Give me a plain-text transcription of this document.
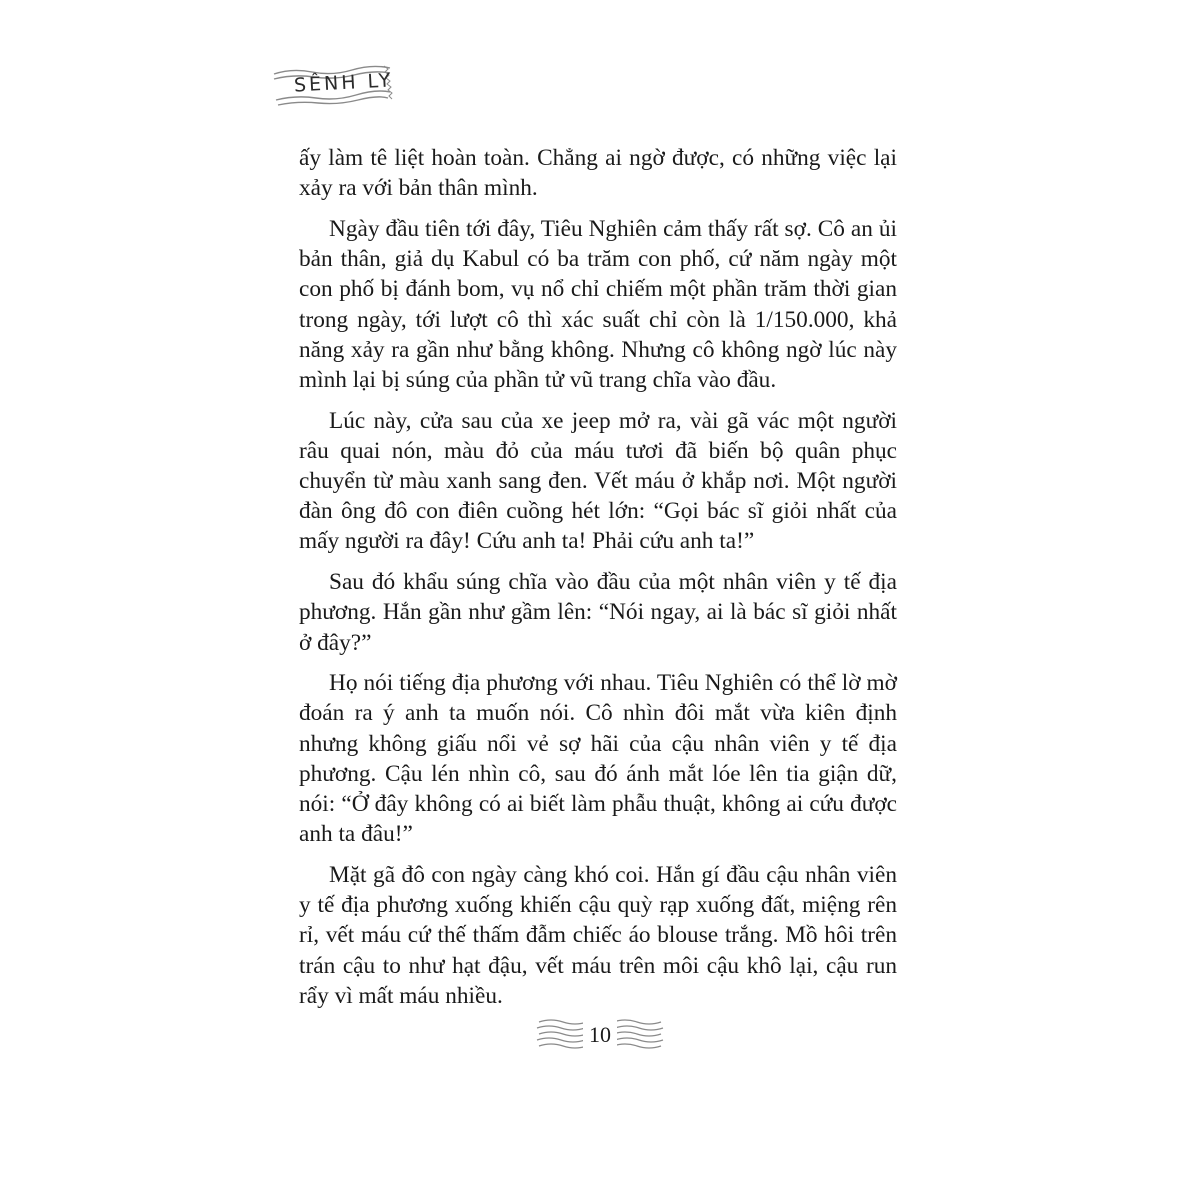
SÊNH LY

ấy làm tê liệt hoàn toàn. Chẳng ai ngờ được, có những việc lại xảy ra với bản thân mình.

Ngày đầu tiên tới đây, Tiêu Nghiên cảm thấy rất sợ. Cô an ủi bản thân, giả dụ Kabul có ba trăm con phố, cứ năm ngày một con phố bị đánh bom, vụ nổ chỉ chiếm một phần trăm thời gian trong ngày, tới lượt cô thì xác suất chỉ còn là 1/150.000, khả năng xảy ra gần như bằng không. Nhưng cô không ngờ lúc này mình lại bị súng của phần tử vũ trang chĩa vào đầu.

Lúc này, cửa sau của xe jeep mở ra, vài gã vác một người râu quai nón, màu đỏ của máu tươi đã biến bộ quân phục chuyển từ màu xanh sang đen. Vết máu ở khắp nơi. Một người đàn ông đô con điên cuồng hét lớn: “Gọi bác sĩ giỏi nhất của mấy người ra đây! Cứu anh ta! Phải cứu anh ta!”

Sau đó khẩu súng chĩa vào đầu của một nhân viên y tế địa phương. Hắn gần như gầm lên: “Nói ngay, ai là bác sĩ giỏi nhất ở đây?”

Họ nói tiếng địa phương với nhau. Tiêu Nghiên có thể lờ mờ đoán ra ý anh ta muốn nói. Cô nhìn đôi mắt vừa kiên định nhưng không giấu nổi vẻ sợ hãi của cậu nhân viên y tế địa phương. Cậu lén nhìn cô, sau đó ánh mắt lóe lên tia giận dữ, nói: “Ở đây không có ai biết làm phẫu thuật, không ai cứu được anh ta đâu!”

Mặt gã đô con ngày càng khó coi. Hắn gí đầu cậu nhân viên y tế địa phương xuống khiến cậu quỳ rạp xuống đất, miệng rên rỉ, vết máu cứ thế thấm đẫm chiếc áo blouse trắng. Mồ hôi trên trán cậu to như hạt đậu, vết máu trên môi cậu khô lại, cậu run rẩy vì mất máu nhiều.

10
